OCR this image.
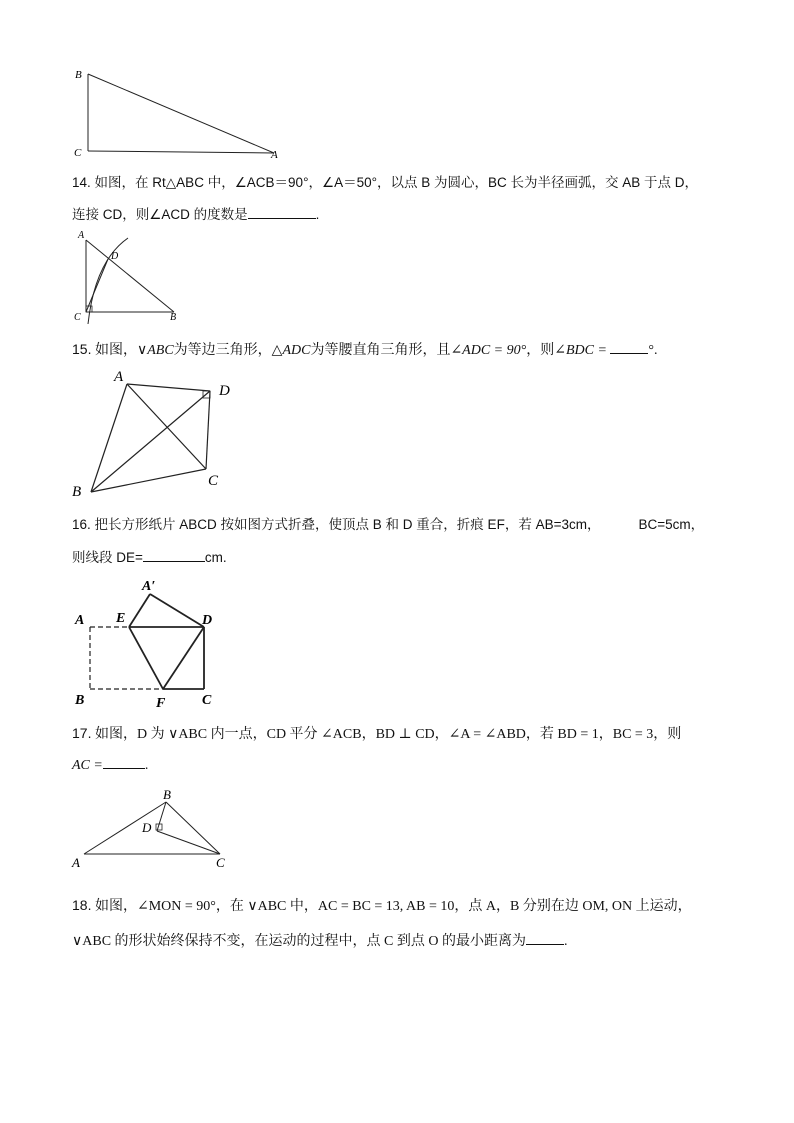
B
C	A
14. 如图，在 Rt△ABC 中，∠ACB＝90°，∠A＝50°，以点 B 为圆心，BC 长为半径画弧，交 AB 于点 D，
连接 CD，则∠ACD 的度数是	.
A
D
C	B
15. 如图，∨ABC为等边三角形，△ADC为等腰直角三角形，且∠ADC = 90°，则∠BDC =	°.
A
D
B
C
16. 把长方形纸片 ABCD 按如图方式折叠，使顶点 B 和 D 重合，折痕 EF，若 AB=3cm，	BC=5cm，
则线段 DE=	cm.
A′
A E	D
B	F	C
17. 如图，D 为 ∨ABC 内一点，CD 平分 ∠ACB，BD ⊥ CD，∠A = ∠ABD，若 BD = 1，BC = 3，则
AC =	.
B
D
A	C
18. 如图，∠MON = 90°，在 ∨ABC 中，AC = BC = 13, AB = 10，点 A，B 分别在边 OM, ON 上运动，
∨ABC 的形状始终保持不变，在运动的过程中，点 C 到点 O 的最小距离为	.
